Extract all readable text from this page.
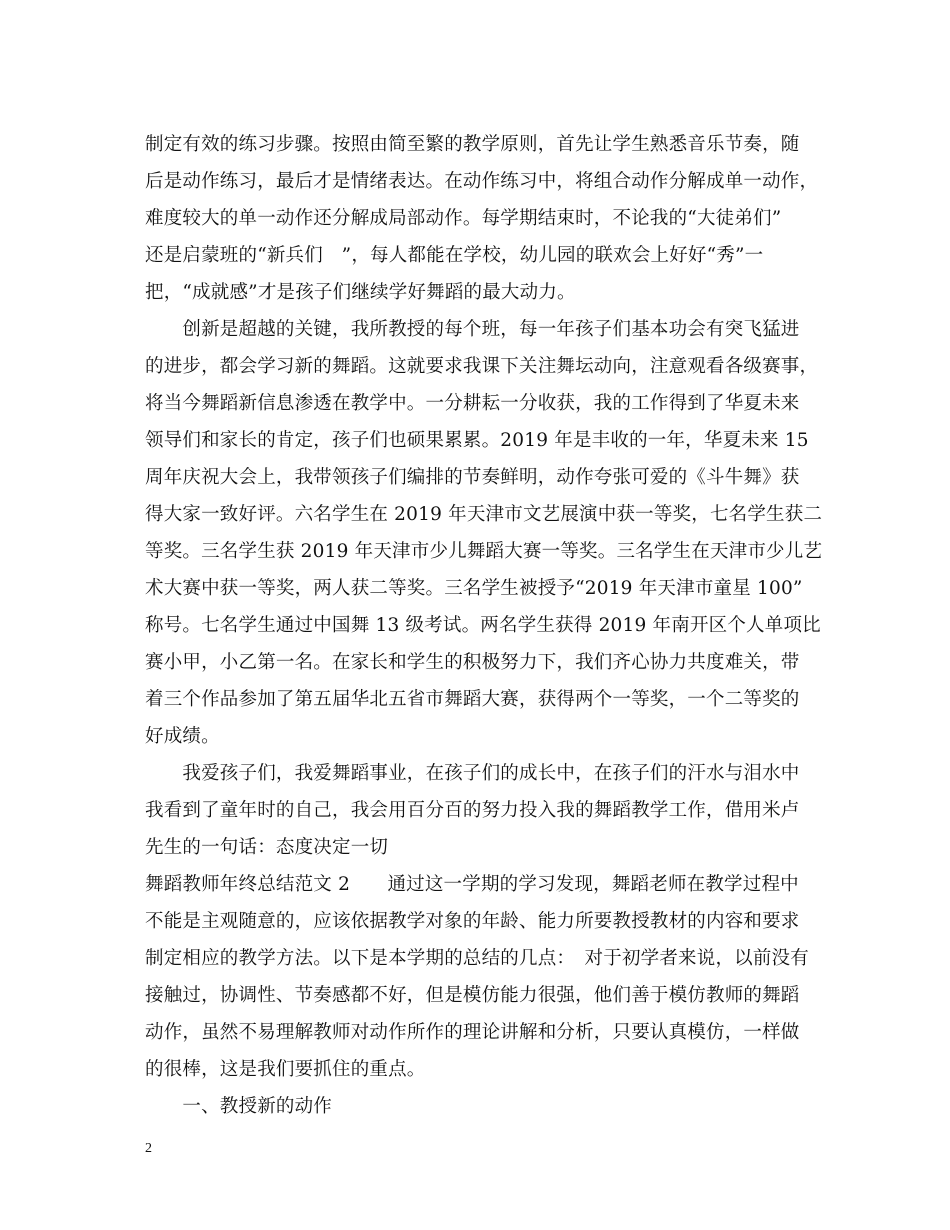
制定有效的练习步骤。按照由简至繁的教学原则，首先让学生熟悉音乐节奏，随
后是动作练习，最后才是情绪表达。在动作练习中，将组合动作分解成单一动作，
难度较大的单一动作还分解成局部动作。每学期结束时，不论我的“大徒弟们”
还是启蒙班的“新兵们　”，每人都能在学校，幼儿园的联欢会上好好“秀”一
把，“成就感”才是孩子们继续学好舞蹈的最大动力。
　　创新是超越的关键，我所教授的每个班，每一年孩子们基本功会有突飞猛进
的进步，都会学习新的舞蹈。这就要求我课下关注舞坛动向，注意观看各级赛事，
将当今舞蹈新信息渗透在教学中。一分耕耘一分收获，我的工作得到了华夏未来
领导们和家长的肯定，孩子们也硕果累累。2019 年是丰收的一年，华夏未来 15
周年庆祝大会上，我带领孩子们编排的节奏鲜明，动作夸张可爱的《斗牛舞》获
得大家一致好评。六名学生在 2019 年天津市文艺展演中获一等奖，七名学生获二
等奖。三名学生获 2019 年天津市少儿舞蹈大赛一等奖。三名学生在天津市少儿艺
术大赛中获一等奖，两人获二等奖。三名学生被授予“2019 年天津市童星 100”
称号。七名学生通过中国舞 13 级考试。两名学生获得 2019 年南开区个人单项比
赛小甲，小乙第一名。在家长和学生的积极努力下，我们齐心协力共度难关，带
着三个作品参加了第五届华北五省市舞蹈大赛，获得两个一等奖，一个二等奖的
好成绩。
　　我爱孩子们，我爱舞蹈事业，在孩子们的成长中，在孩子们的汗水与泪水中
我看到了童年时的自己，我会用百分百的努力投入我的舞蹈教学工作，借用米卢
先生的一句话：态度决定一切
舞蹈教师年终总结范文 2　　通过这一学期的学习发现，舞蹈老师在教学过程中
不能是主观随意的，应该依据教学对象的年龄、能力所要教授教材的内容和要求
制定相应的教学方法。以下是本学期的总结的几点：　对于初学者来说，以前没有
接触过，协调性、节奏感都不好，但是模仿能力很强，他们善于模仿教师的舞蹈
动作，虽然不易理解教师对动作所作的理论讲解和分析，只要认真模仿，一样做
的很棒，这是我们要抓住的重点。
　　一、教授新的动作
2
